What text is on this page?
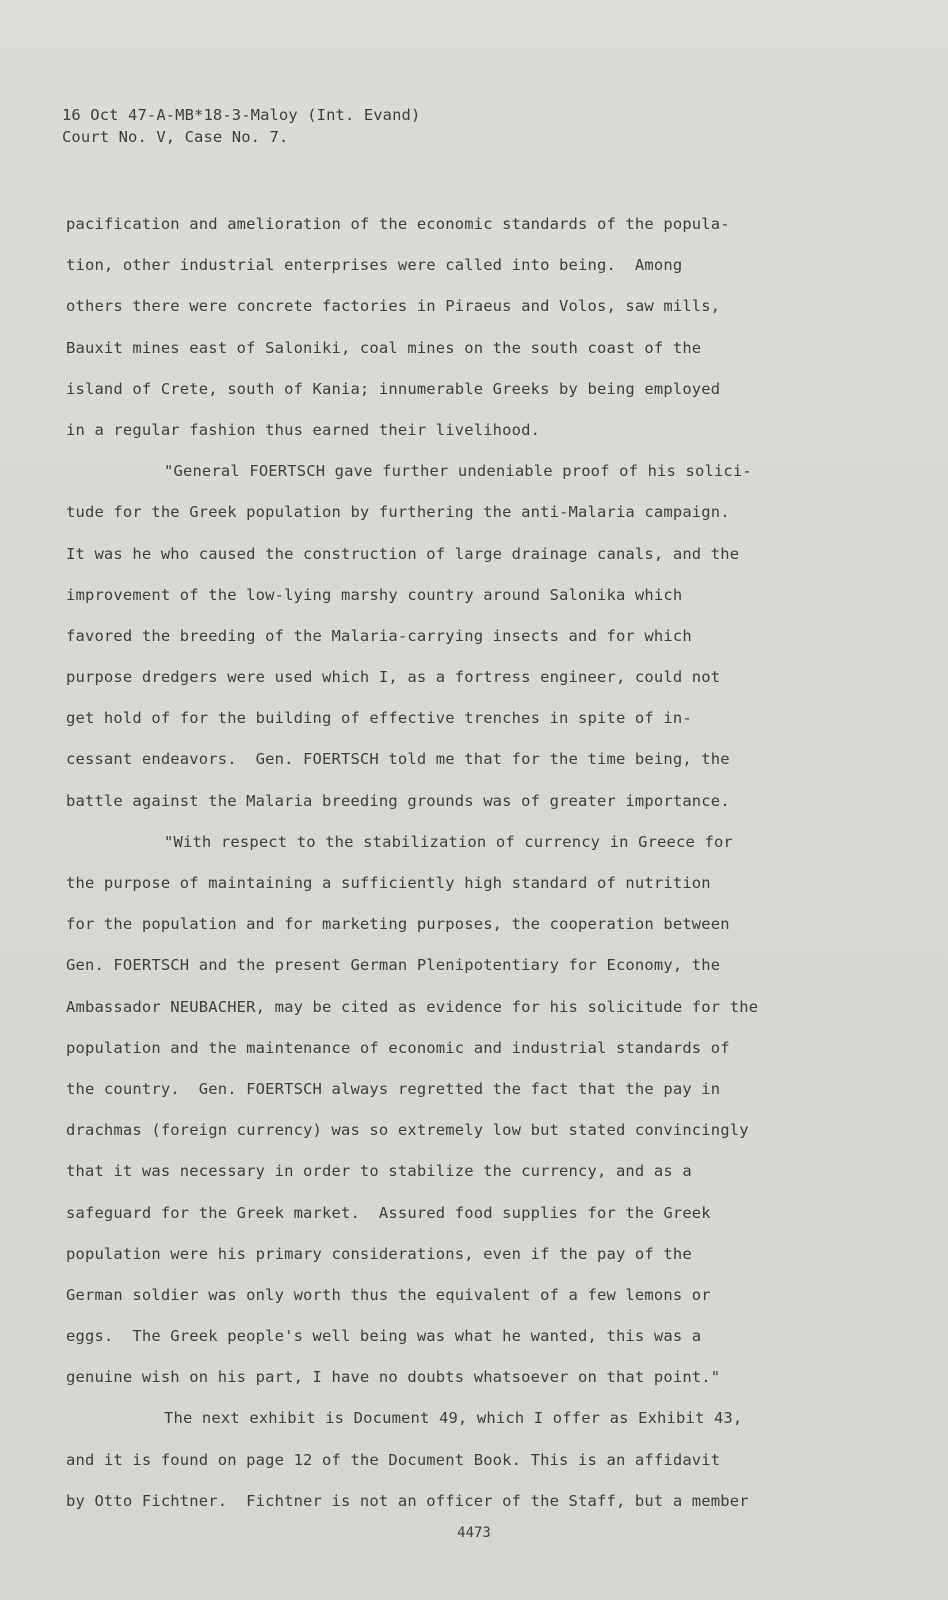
16 Oct 47-A-MB*18-3-Maloy (Int. Evand)
Court No. V, Case No. 7.
pacification and amelioration of the economic standards of the popula-
tion, other industrial enterprises were called into being.  Among
others there were concrete factories in Piraeus and Volos, saw mills,
Bauxit mines east of Saloniki, coal mines on the south coast of the
island of Crete, south of Kania; innumerable Greeks by being employed
in a regular fashion thus earned their livelihood.
"General FOERTSCH gave further undeniable proof of his solici-
tude for the Greek population by furthering the anti-Malaria campaign.
It was he who caused the construction of large drainage canals, and the
improvement of the low-lying marshy country around Salonika which
favored the breeding of the Malaria-carrying insects and for which
purpose dredgers were used which I, as a fortress engineer, could not
get hold of for the building of effective trenches in spite of in-
cessant endeavors.  Gen. FOERTSCH told me that for the time being, the
battle against the Malaria breeding grounds was of greater importance.
"With respect to the stabilization of currency in Greece for
the purpose of maintaining a sufficiently high standard of nutrition
for the population and for marketing purposes, the cooperation between
Gen. FOERTSCH and the present German Plenipotentiary for Economy, the
Ambassador NEUBACHER, may be cited as evidence for his solicitude for the
population and the maintenance of economic and industrial standards of
the country.  Gen. FOERTSCH always regretted the fact that the pay in
drachmas (foreign currency) was so extremely low but stated convincingly
that it was necessary in order to stabilize the currency, and as a
safeguard for the Greek market.  Assured food supplies for the Greek
population were his primary considerations, even if the pay of the
German soldier was only worth thus the equivalent of a few lemons or
eggs.  The Greek people's well being was what he wanted, this was a
genuine wish on his part, I have no doubts whatsoever on that point."
The next exhibit is Document 49, which I offer as Exhibit 43,
and it is found on page 12 of the Document Book. This is an affidavit
by Otto Fichtner.  Fichtner is not an officer of the Staff, but a member
4473
